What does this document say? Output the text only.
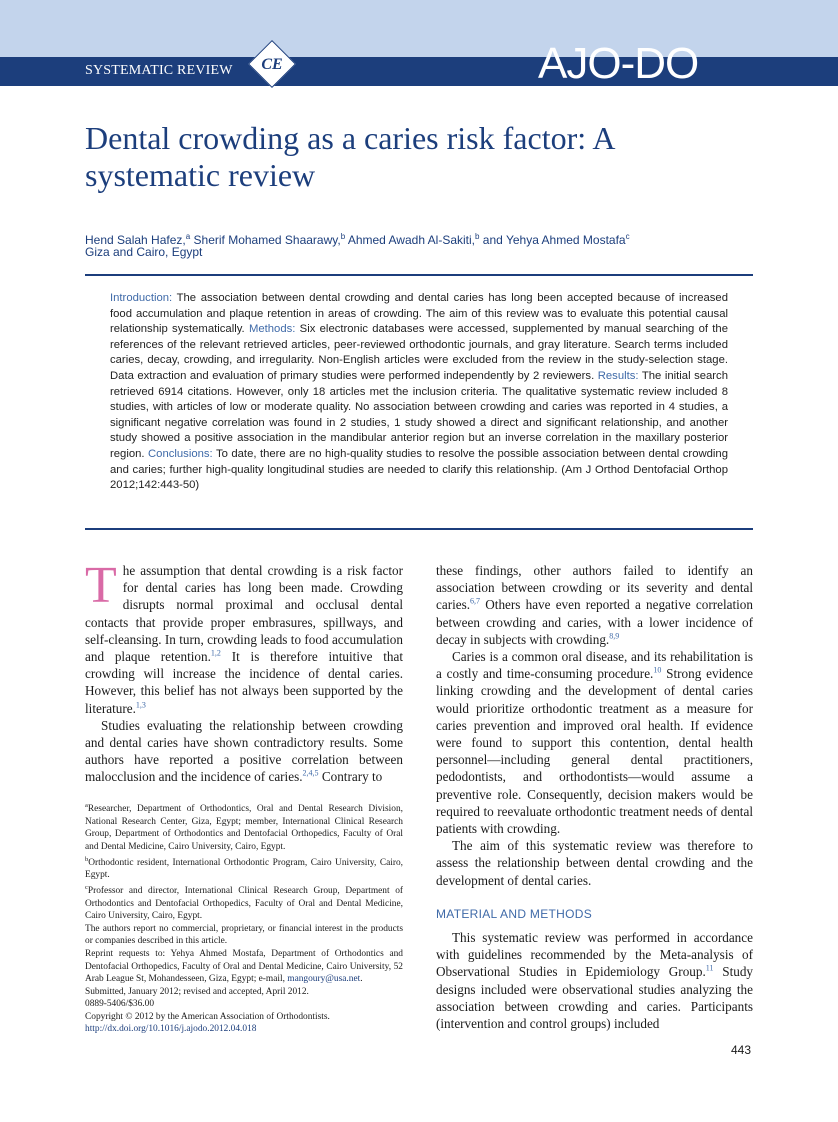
SYSTEMATIC REVIEW	CE	AJO-DO
Dental crowding as a caries risk factor: A systematic review
Hend Salah Hafez,$^a$ Sherif Mohamed Shaarawy,$^b$ Ahmed Awadh Al-Sakiti,$^b$ and Yehya Ahmed Mostafa$^c$
Giza and Cairo, Egypt
Introduction: The association between dental crowding and dental caries has long been accepted because of increased food accumulation and plaque retention in areas of crowding. The aim of this review was to evaluate this potential causal relationship systematically. Methods: Six electronic databases were accessed, supplemented by manual searching of the references of the relevant retrieved articles, peer-reviewed orthodontic journals, and gray literature. Search terms included caries, decay, crowding, and irregularity. Non-English articles were excluded from the review in the study-selection stage. Data extraction and evaluation of primary studies were performed independently by 2 reviewers. Results: The initial search retrieved 6914 citations. However, only 18 articles met the inclusion criteria. The qualitative systematic review included 8 studies, with articles of low or moderate quality. No association between crowding and caries was reported in 4 studies, a significant negative correlation was found in 2 studies, 1 study showed a direct and significant relationship, and another study showed a positive association in the mandibular anterior region but an inverse correlation in the maxillary posterior region. Conclusions: To date, there are no high-quality studies to resolve the possible association between dental crowding and caries; further high-quality longitudinal studies are needed to clarify this relationship. (Am J Orthod Dentofacial Orthop 2012;142:443-50)

The assumption that dental crowding is a risk factor for dental caries has long been made. Crowding disrupts normal proximal and occlusal dental contacts that provide proper embrasures, spillways, and self-cleansing. In turn, crowding leads to food accumulation and plaque retention.$^{1,2}$ It is therefore intuitive that crowding will increase the incidence of dental caries. However, this belief has not always been supported by the literature.$^{1,3}$

Studies evaluating the relationship between crowding and dental caries have shown contradictory results. Some authors have reported a positive correlation between malocclusion and the incidence of caries.$^{2,4,5}$ Contrary to

$^a$Researcher, Department of Orthodontics, Oral and Dental Research Division, National Research Center, Giza, Egypt; member, International Clinical Research Group, Department of Orthodontics and Dentofacial Orthopedics, Faculty of Oral and Dental Medicine, Cairo University, Cairo, Egypt.

$^b$Orthodontic resident, International Orthodontic Program, Cairo University, Cairo, Egypt.

$^c$Professor and director, International Clinical Research Group, Department of Orthodontics and Dentofacial Orthopedics, Faculty of Oral and Dental Medicine, Cairo University, Cairo, Egypt.

The authors report no commercial, proprietary, or financial interest in the products or companies described in this article.

Reprint requests to: Yehya Ahmed Mostafa, Department of Orthodontics and Dentofacial Orthopedics, Faculty of Oral and Dental Medicine, Cairo University, 52 Arab League St, Mohandesseen, Giza, Egypt; e-mail, mangoury@usa.net.

Submitted, January 2012; revised and accepted, April 2012.

0889-5406/$36.00

Copyright © 2012 by the American Association of Orthodontists.

http://dx.doi.org/10.1016/j.ajodo.2012.04.018

these findings, other authors failed to identify an association between crowding or its severity and dental caries.$^{6,7}$ Others have even reported a negative correlation between crowding and caries, with a lower incidence of decay in subjects with crowding.$^{8,9}$

Caries is a common oral disease, and its rehabilitation is a costly and time-consuming procedure.$^{10}$ Strong evidence linking crowding and the development of dental caries would prioritize orthodontic treatment as a measure for caries prevention and improved oral health. If evidence were found to support this contention, dental health personnel—including general dental practitioners, pedodontists, and orthodontists—would assume a preventive role. Consequently, decision makers would be required to reevaluate orthodontic treatment needs of dental patients with crowding.

The aim of this systematic review was therefore to assess the relationship between dental crowding and the development of dental caries.

MATERIAL AND METHODS

This systematic review was performed in accordance with guidelines recommended by the Meta-analysis of Observational Studies in Epidemiology Group.$^{11}$ Study designs included were observational studies analyzing the association between crowding and caries. Participants (intervention and control groups) included

443
